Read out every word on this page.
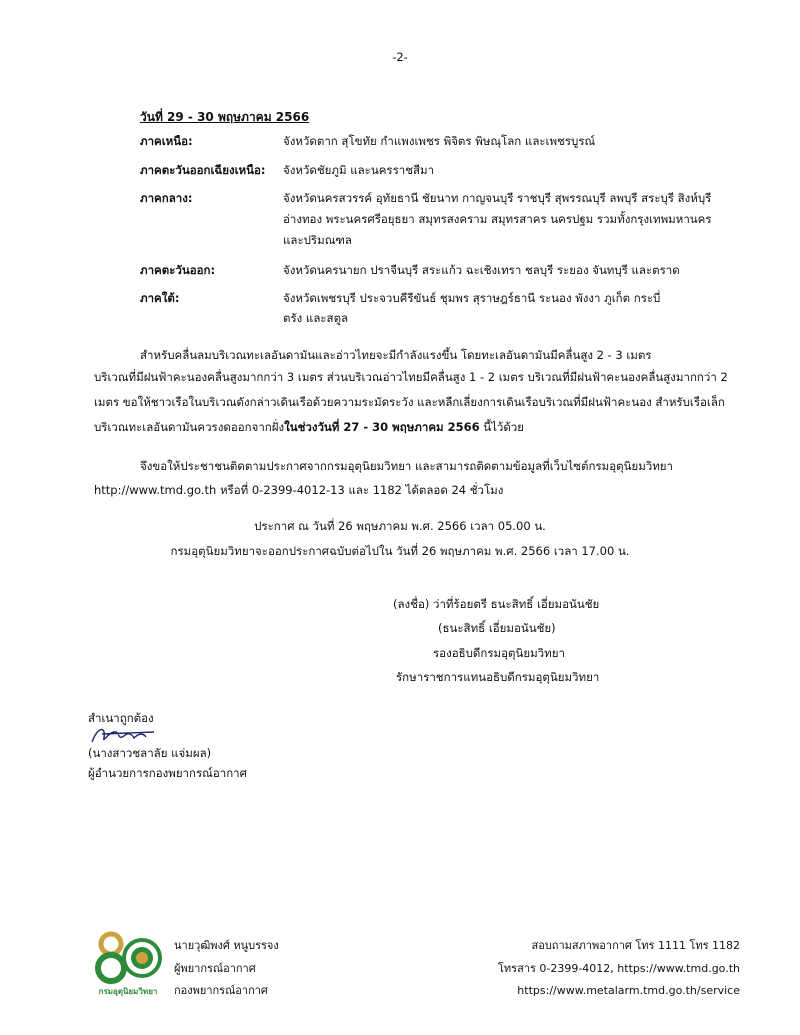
-2-
วันที่ 29 - 30 พฤษภาคม 2566
ภาคเหนือ:	จังหวัดตาก สุโขทัย กำแพงเพชร พิจิตร พิษณุโลก และเพชรบูรณ์
ภาคตะวันออกเฉียงเหนือ: จังหวัดชัยภูมิ และนครราชสีมา
ภาคกลาง:	จังหวัดนครสวรรค์ อุทัยธานี ชัยนาท กาญจนบุรี ราชบุรี สุพรรณบุรี ลพบุรี สระบุรี สิงห์บุรี
อ่างทอง พระนครศรีอยุธยา สมุทรสงคราม สมุทรสาคร นครปฐม รวมทั้งกรุงเทพมหานคร
และปริมณฑล
ภาคตะวันออก:	จังหวัดนครนายก ปราจีนบุรี สระแก้ว ฉะเชิงเทรา ชลบุรี ระยอง จันทบุรี และตราด
ภาคใต้:	จังหวัดเพชรบุรี ประจวบคีรีขันธ์ ชุมพร สุราษฎร์ธานี ระนอง พังงา ภูเก็ต กระบี่
ตรัง และสตูล
สำหรับคลื่นลมบริเวณทะเลอันดามันและอ่าวไทยจะมีกำลังแรงขึ้น โดยทะเลอันดามันมีคลื่นสูง 2 - 3 เมตร
บริเวณที่มีฝนฟ้าคะนองคลื่นสูงมากกว่า 3 เมตร ส่วนบริเวณอ่าวไทยมีคลื่นสูง 1 - 2 เมตร บริเวณที่มีฝนฟ้าคะนองคลื่นสูงมากกว่า 2
เมตร ขอให้ชาวเรือในบริเวณดังกล่าวเดินเรือด้วยความระมัดระวัง และหลีกเลี่ยงการเดินเรือบริเวณที่มีฝนฟ้าคะนอง สำหรับเรือเล็ก
บริเวณทะเลอันดามันควรงดออกจากฝั่งในช่วงวันที่ 27 - 30 พฤษภาคม 2566 นี้ไว้ด้วย
จึงขอให้ประชาชนติดตามประกาศจากกรมอุตุนิยมวิทยา และสามารถติดตามข้อมูลที่เว็บไซต์กรมอุตุนิยมวิทยา
http://www.tmd.go.th หรือที่ 0-2399-4012-13 และ 1182 ได้ตลอด 24 ชั่วโมง
ประกาศ ณ วันที่ 26 พฤษภาคม พ.ศ. 2566 เวลา 05.00 น.
กรมอุตุนิยมวิทยาจะออกประกาศฉบับต่อไปใน วันที่ 26 พฤษภาคม พ.ศ. 2566 เวลา 17.00 น.
(ลงชื่อ) ว่าที่ร้อยตรี ธนะสิทธิ์ เอี่ยมอนันชัย
(ธนะสิทธิ์ เอี่ยมอนันชัย)
รองอธิบดีกรมอุตุนิยมวิทยา
รักษาราชการแทนอธิบดีกรมอุตุนิยมวิทยา
สำเนาถูกต้อง
(นางสาวชลาลัย แจ่มผล)
ผู้อำนวยการกองพยากรณ์อากาศ
กรมอุตุนิยมวิทยา
นายวุฒิพงศ์ หนูบรรจง
ผู้พยากรณ์อากาศ
กองพยากรณ์อากาศ
สอบถามสภาพอากาศ โทร 1111 โทร 1182
โทรสาร 0-2399-4012, https://www.tmd.go.th
https://www.metalarm.tmd.go.th/service
